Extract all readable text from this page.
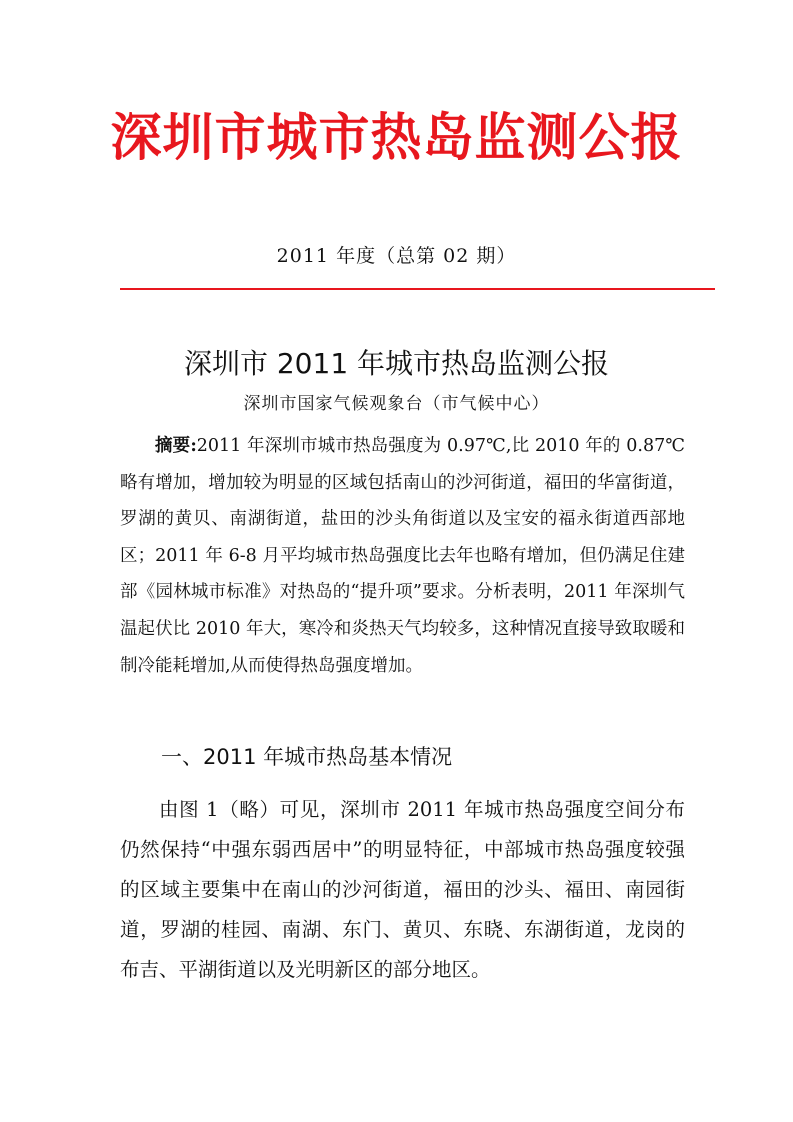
深圳市城市热岛监测公报
2011 年度（总第 02 期）
深圳市 2011 年城市热岛监测公报
深圳市国家气候观象台（市气候中心）

摘要:2011 年深圳市城市热岛强度为 0.97℃,比 2010 年的 0.87℃略有增加，增加较为明显的区域包括南山的沙河街道，福田的华富街道，罗湖的黄贝、南湖街道，盐田的沙头角街道以及宝安的福永街道西部地区；2011 年 6-8 月平均城市热岛强度比去年也略有增加，但仍满足住建部《园林城市标准》对热岛的“提升项”要求。分析表明，2011 年深圳气温起伏比 2010 年大，寒冷和炎热天气均较多，这种情况直接导致取暖和制冷能耗增加,从而使得热岛强度增加。

一、2011 年城市热岛基本情况

由图 1（略）可见，深圳市 2011 年城市热岛强度空间分布仍然保持“中强东弱西居中”的明显特征，中部城市热岛强度较强的区域主要集中在南山的沙河街道，福田的沙头、福田、南园街道，罗湖的桂园、南湖、东门、黄贝、东晓、东湖街道，龙岗的布吉、平湖街道以及光明新区的部分地区。
